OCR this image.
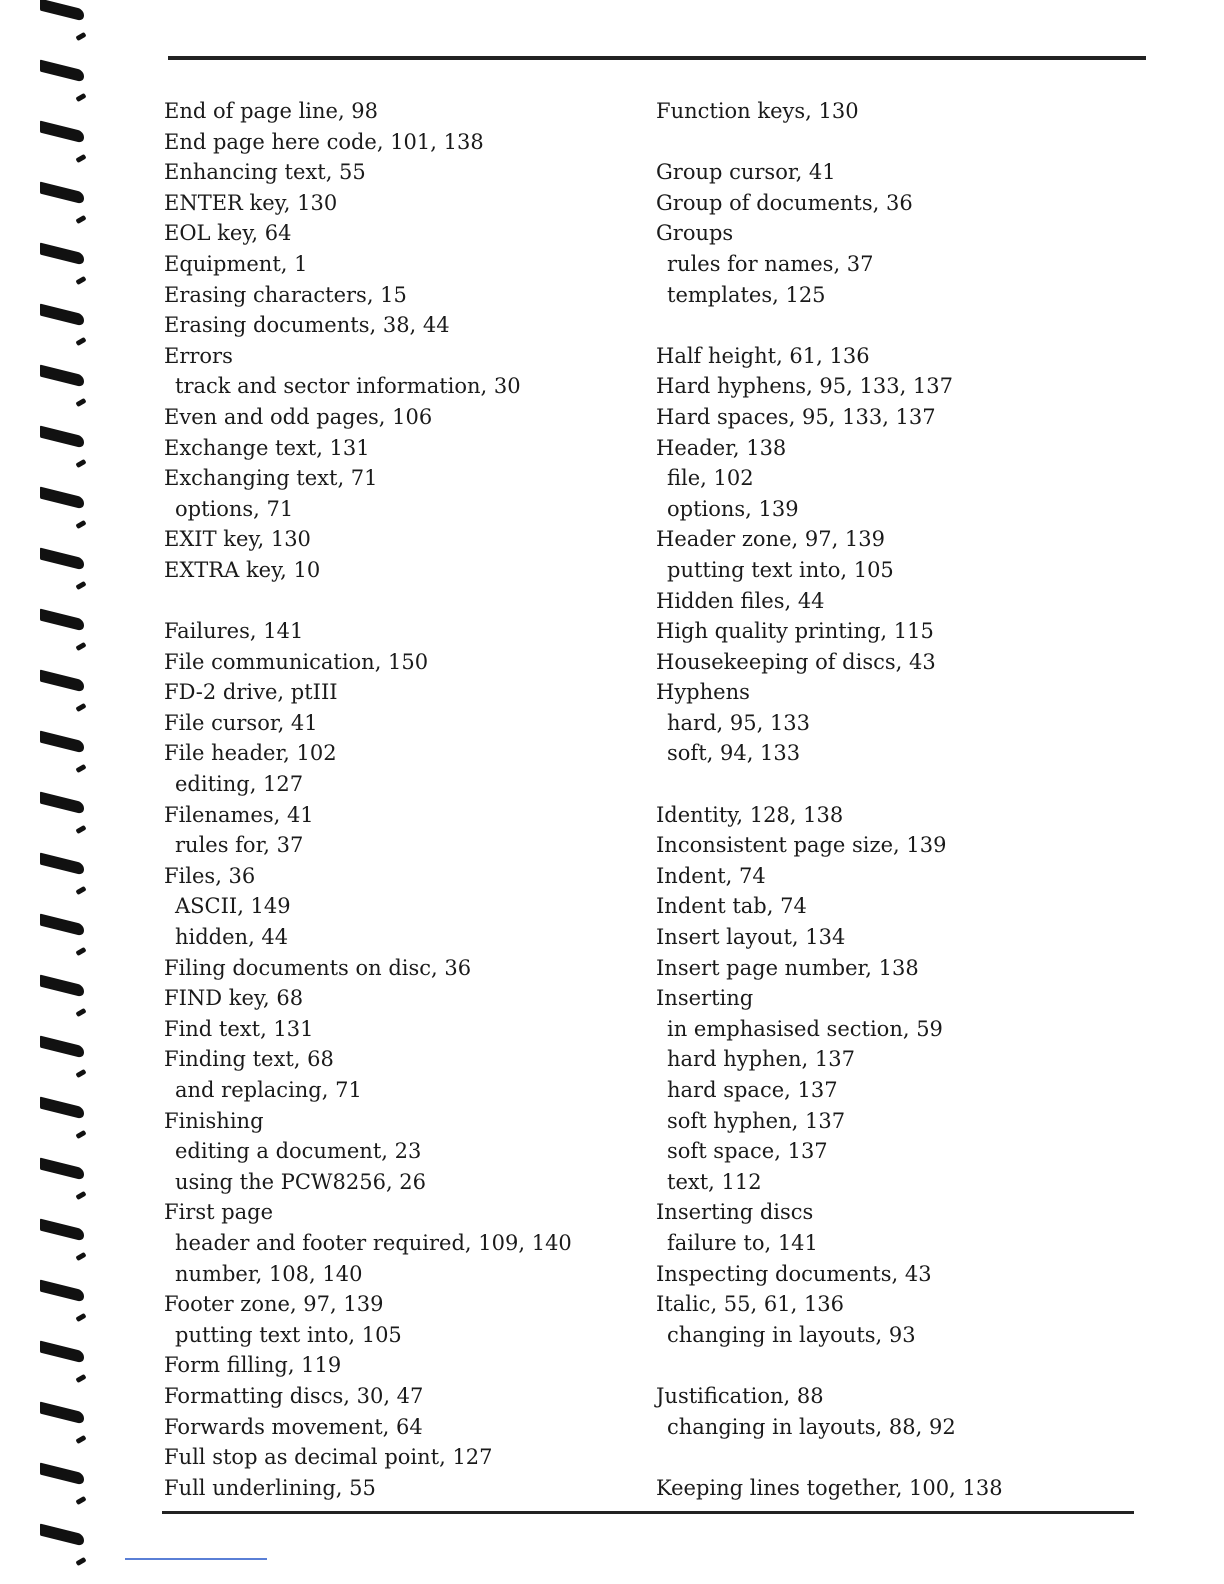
End of page line, 98
End page here code, 101, 138
Enhancing text, 55
ENTER key, 130
EOL key, 64
Equipment, 1
Erasing characters, 15
Erasing documents, 38, 44
Errors
track and sector information, 30
Even and odd pages, 106
Exchange text, 131
Exchanging text, 71
options, 71
EXIT key, 130
EXTRA key, 10
Failures, 141
File communication, 150
FD-2 drive, ptIII
File cursor, 41
File header, 102
editing, 127
Filenames, 41
rules for, 37
Files, 36
ASCII, 149
hidden, 44
Filing documents on disc, 36
FIND key, 68
Find text, 131
Finding text, 68
and replacing, 71
Finishing
editing a document, 23
using the PCW8256, 26
First page
header and footer required, 109, 140
number, 108, 140
Footer zone, 97, 139
putting text into, 105
Form filling, 119
Formatting discs, 30, 47
Forwards movement, 64
Full stop as decimal point, 127
Full underlining, 55
Function keys, 130
Group cursor, 41
Group of documents, 36
Groups
rules for names, 37
templates, 125
Half height, 61, 136
Hard hyphens, 95, 133, 137
Hard spaces, 95, 133, 137
Header, 138
file, 102
options, 139
Header zone, 97, 139
putting text into, 105
Hidden files, 44
High quality printing, 115
Housekeeping of discs, 43
Hyphens
hard, 95, 133
soft, 94, 133
Identity, 128, 138
Inconsistent page size, 139
Indent, 74
Indent tab, 74
Insert layout, 134
Insert page number, 138
Inserting
in emphasised section, 59
hard hyphen, 137
hard space, 137
soft hyphen, 137
soft space, 137
text, 112
Inserting discs
failure to, 141
Inspecting documents, 43
Italic, 55, 61, 136
changing in layouts, 93
Justification, 88
changing in layouts, 88, 92
Keeping lines together, 100, 138
